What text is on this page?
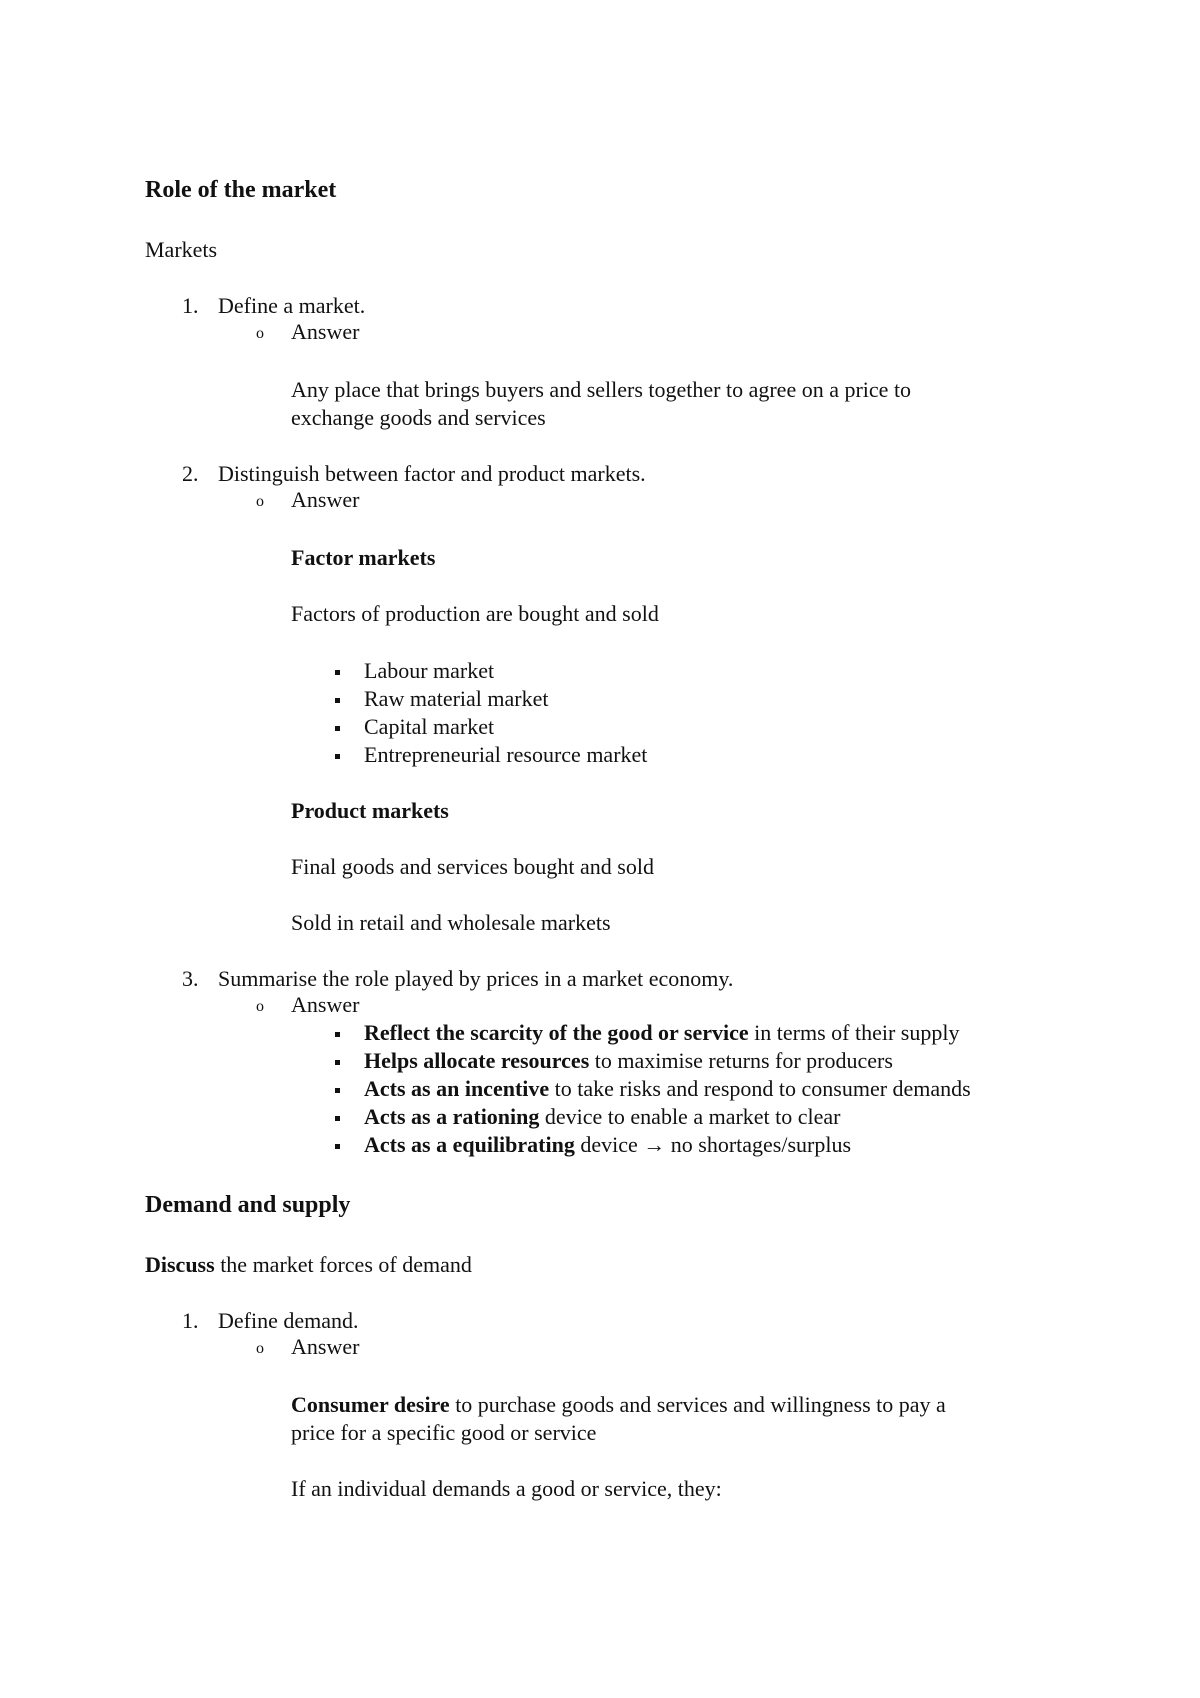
Role of the market
Markets
1. Define a market.
o Answer
Any place that brings buyers and sellers together to agree on a price to
exchange goods and services
2. Distinguish between factor and product markets.
o Answer
Factor markets
Factors of production are bought and sold
Labour market
Raw material market
Capital market
Entrepreneurial resource market
Product markets
Final goods and services bought and sold
Sold in retail and wholesale markets
3. Summarise the role played by prices in a market economy.
o Answer
Reflect the scarcity of the good or service in terms of their supply
Helps allocate resources to maximise returns for producers
Acts as an incentive to take risks and respond to consumer demands
Acts as a rationing device to enable a market to clear
Acts as a equilibrating device → no shortages/surplus
Demand and supply
Discuss the market forces of demand
1. Define demand.
o Answer
Consumer desire to purchase goods and services and willingness to pay a
price for a specific good or service
If an individual demands a good or service, they:
